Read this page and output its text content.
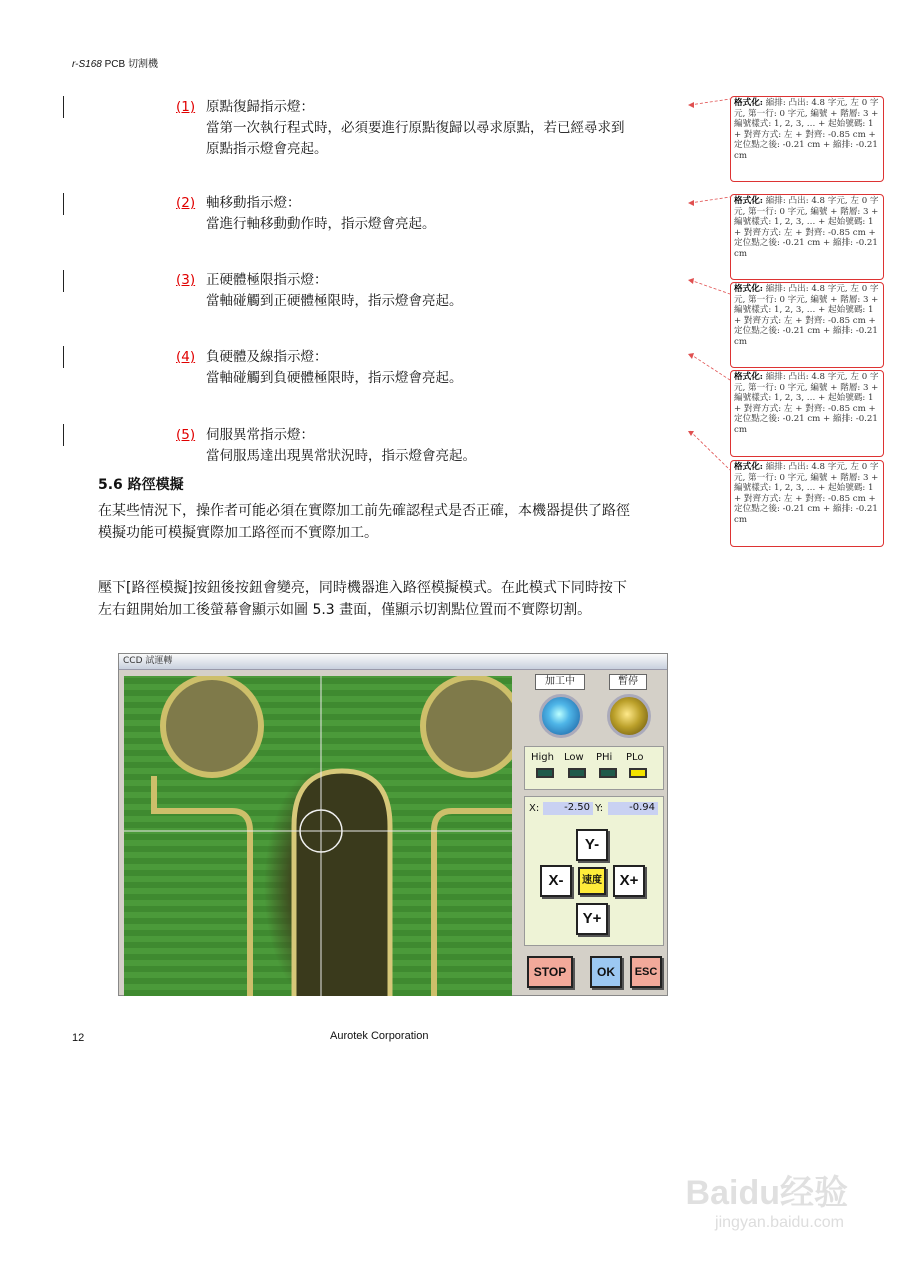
r-S168 PCB 切割機
(1) 原點復歸指示燈：
當第一次執行程式時，必須要進行原點復歸以尋求原點，若已經尋求到
原點指示燈會亮起。
(2) 軸移動指示燈：
當進行軸移動動作時，指示燈會亮起。
(3) 正硬體極限指示燈：
當軸碰觸到正硬體極限時，指示燈會亮起。
(4) 負硬體及線指示燈：
當軸碰觸到負硬體極限時，指示燈會亮起。
(5) 伺服異常指示燈：
當伺服馬達出現異常狀況時，指示燈會亮起。
格式化: 縮排: 凸出: 4.8 字元, 左 0 字元, 第一行: 0 字元, 編號 + 階層: 3 + 編號樣式: 1, 2, 3, … + 起始號碼: 1 + 對齊方式: 左 + 對齊: -0.85 cm + 定位點之後: -0.21 cm + 縮排: -0.21 cm
格式化: 縮排: 凸出: 4.8 字元, 左 0 字元, 第一行: 0 字元, 編號 + 階層: 3 + 編號樣式: 1, 2, 3, … + 起始號碼: 1 + 對齊方式: 左 + 對齊: -0.85 cm + 定位點之後: -0.21 cm + 縮排: -0.21 cm
格式化: 縮排: 凸出: 4.8 字元, 左 0 字元, 第一行: 0 字元, 編號 + 階層: 3 + 編號樣式: 1, 2, 3, … + 起始號碼: 1 + 對齊方式: 左 + 對齊: -0.85 cm + 定位點之後: -0.21 cm + 縮排: -0.21 cm
格式化: 縮排: 凸出: 4.8 字元, 左 0 字元, 第一行: 0 字元, 編號 + 階層: 3 + 編號樣式: 1, 2, 3, … + 起始號碼: 1 + 對齊方式: 左 + 對齊: -0.85 cm + 定位點之後: -0.21 cm + 縮排: -0.21 cm
格式化: 縮排: 凸出: 4.8 字元, 左 0 字元, 第一行: 0 字元, 編號 + 階層: 3 + 編號樣式: 1, 2, 3, … + 起始號碼: 1 + 對齊方式: 左 + 對齊: -0.85 cm + 定位點之後: -0.21 cm + 縮排: -0.21 cm
5.6 路徑模擬
在某些情況下，操作者可能必須在實際加工前先確認程式是否正確，本機器提供了路徑
模擬功能可模擬實際加工路徑而不實際加工。
壓下[路徑模擬]按鈕後按鈕會變亮，同時機器進入路徑模擬模式。在此模式下同時按下
左右鈕開始加工後螢幕會顯示如圖 5.3 畫面，僅顯示切割點位置而不實際切割。
CCD 試運轉
加工中	暫停
High Low PHi PLo
X:	-2.50 Y:	-0.94
Y-
X-	速度	X+
Y+
STOP	OK	ESC
12	Aurotek Corporation
Baidu经验
jingyan.baidu.com
